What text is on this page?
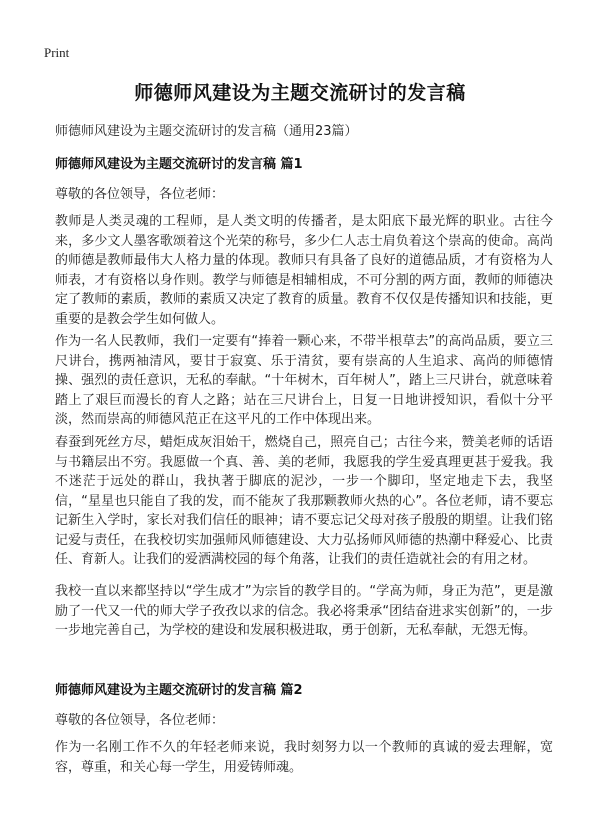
Print
师德师风建设为主题交流研讨的发言稿
师德师风建设为主题交流研讨的发言稿（通用23篇）
师德师风建设为主题交流研讨的发言稿 篇1
尊敬的各位领导，各位老师：

教师是人类灵魂的工程师，是人类文明的传播者，是太阳底下最光辉的职业。古往今来，多少文人墨客歌颂着这个光荣的称号，多少仁人志士肩负着这个崇高的使命。高尚的师德是教师最伟大人格力量的体现。教师只有具备了良好的道德品质，才有资格为人师表，才有资格以身作则。教学与师德是相辅相成，不可分割的两方面，教师的师德决定了教师的素质，教师的素质又决定了教育的质量。教育不仅仅是传播知识和技能，更重要的是教会学生如何做人。

作为一名人民教师，我们一定要有“捧着一颗心来，不带半根草去”的高尚品质，要立三尺讲台，携两袖清风，要甘于寂寞、乐于清贫，要有崇高的人生追求、高尚的师德情操、强烈的责任意识，无私的奉献。“十年树木，百年树人”，踏上三尺讲台，就意味着踏上了艰巨而漫长的育人之路；站在三尺讲台上，日复一日地讲授知识，看似十分平淡，然而崇高的师德风范正在这平凡的工作中体现出来。

春蚕到死丝方尽，蜡炬成灰泪始干，燃烧自己，照亮自己；古往今来，赞美老师的话语与书籍层出不穷。我愿做一个真、善、美的老师，我愿我的学生爱真理更甚于爱我。我不迷茫于远处的群山，我执著于脚底的泥沙，一步一个脚印，坚定地走下去，我坚信，“星星也只能自了我的发，而不能灰了我那颗教师火热的心”。各位老师，请不要忘记新生入学时，家长对我们信任的眼神；请不要忘记父母对孩子殷殷的期望。让我们铭记爱与责任，在我校切实加强师风师德建设、大力弘扬师风师德的热潮中释爱心、比责任、育新人。让我们的爱洒满校园的每个角落，让我们的责任造就社会的有用之材。

我校一直以来都坚持以“学生成才”为宗旨的教学目的。“学高为师，身正为范”，更是激励了一代又一代的师大学子孜孜以求的信念。我必将秉承“团结奋进求实创新”的，一步一步地完善自己，为学校的建设和发展积极进取，勇于创新，无私奉献，无怨无悔。

师德师风建设为主题交流研讨的发言稿 篇2
尊敬的各位领导，各位老师：

作为一名刚工作不久的年轻老师来说，我时刻努力以一个教师的真诚的爱去理解，宽容，尊重，和关心每一学生，用爱铸师魂。
